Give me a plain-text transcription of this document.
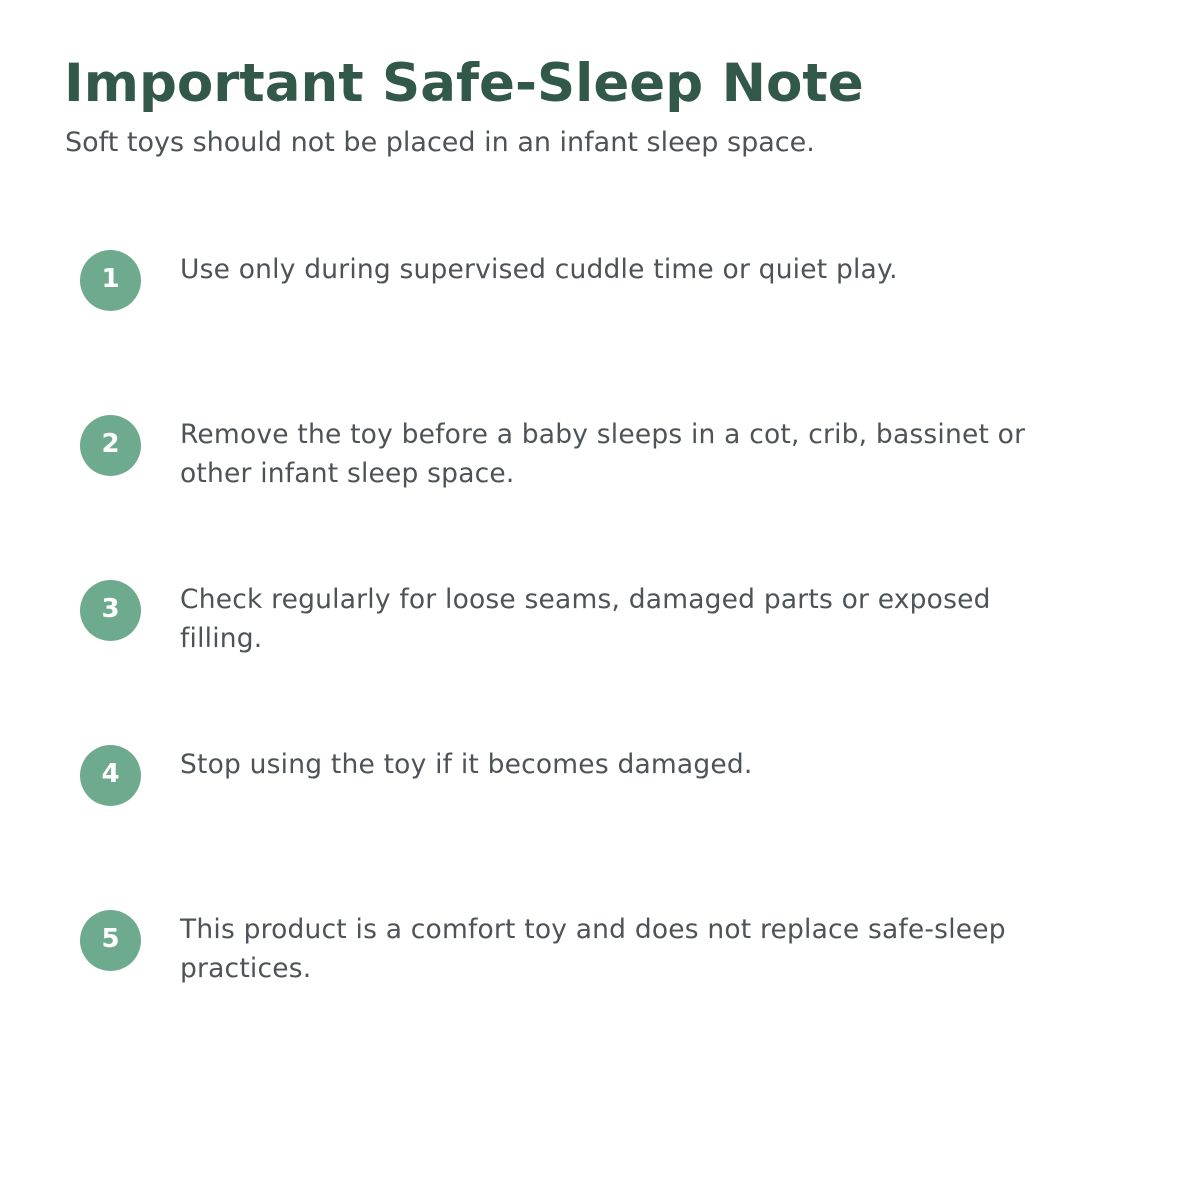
Important Safe-Sleep Note

Soft toys should not be placed in an infant sleep space.

1	Use only during supervised cuddle time or quiet play.

2	Remove the toy before a baby sleeps in a cot, crib, bassinet or other infant sleep space.

3	Check regularly for loose seams, damaged parts or exposed filling.

4	Stop using the toy if it becomes damaged.

5	This product is a comfort toy and does not replace safe-sleep practices.
